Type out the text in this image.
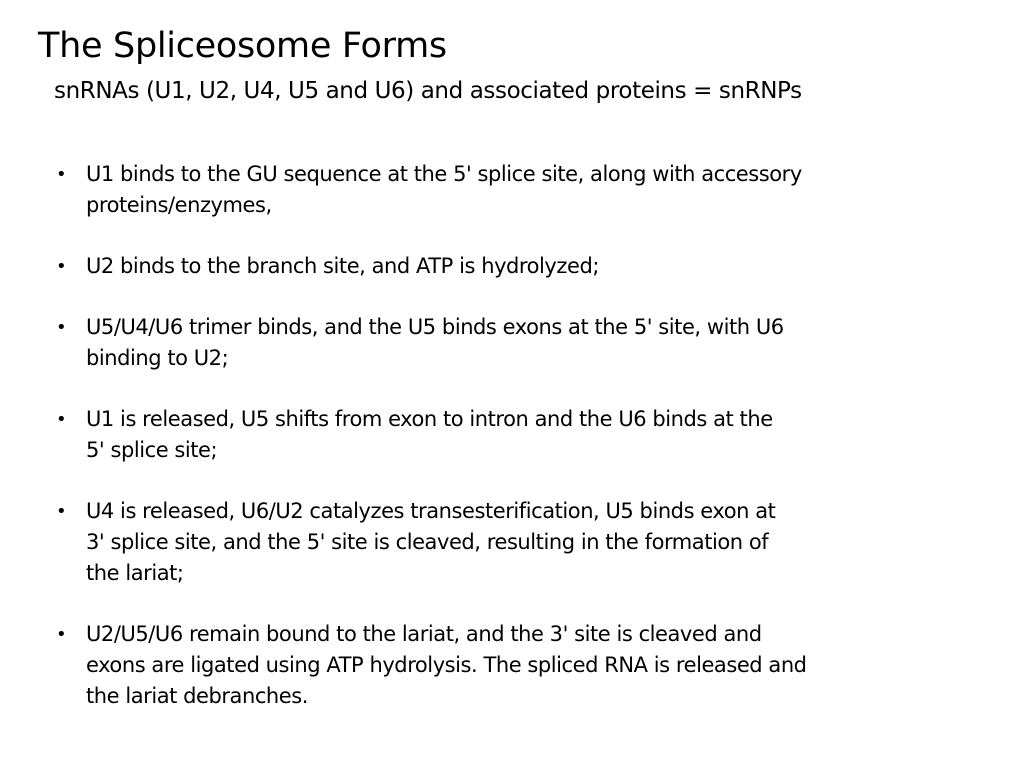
The Spliceosome Forms
snRNAs (U1, U2, U4, U5 and U6) and associated proteins = snRNPs
• U1 binds to the GU sequence at the 5' splice site, along with accessory
proteins/enzymes,
• U2 binds to the branch site, and ATP is hydrolyzed;
• U5/U4/U6 trimer binds, and the U5 binds exons at the 5' site, with U6
binding to U2;
• U1 is released, U5 shifts from exon to intron and the U6 binds at the
5' splice site;
• U4 is released, U6/U2 catalyzes transesterification, U5 binds exon at
3' splice site, and the 5' site is cleaved, resulting in the formation of
the lariat;
• U2/U5/U6 remain bound to the lariat, and the 3' site is cleaved and
exons are ligated using ATP hydrolysis. The spliced RNA is released and
the lariat debranches.
